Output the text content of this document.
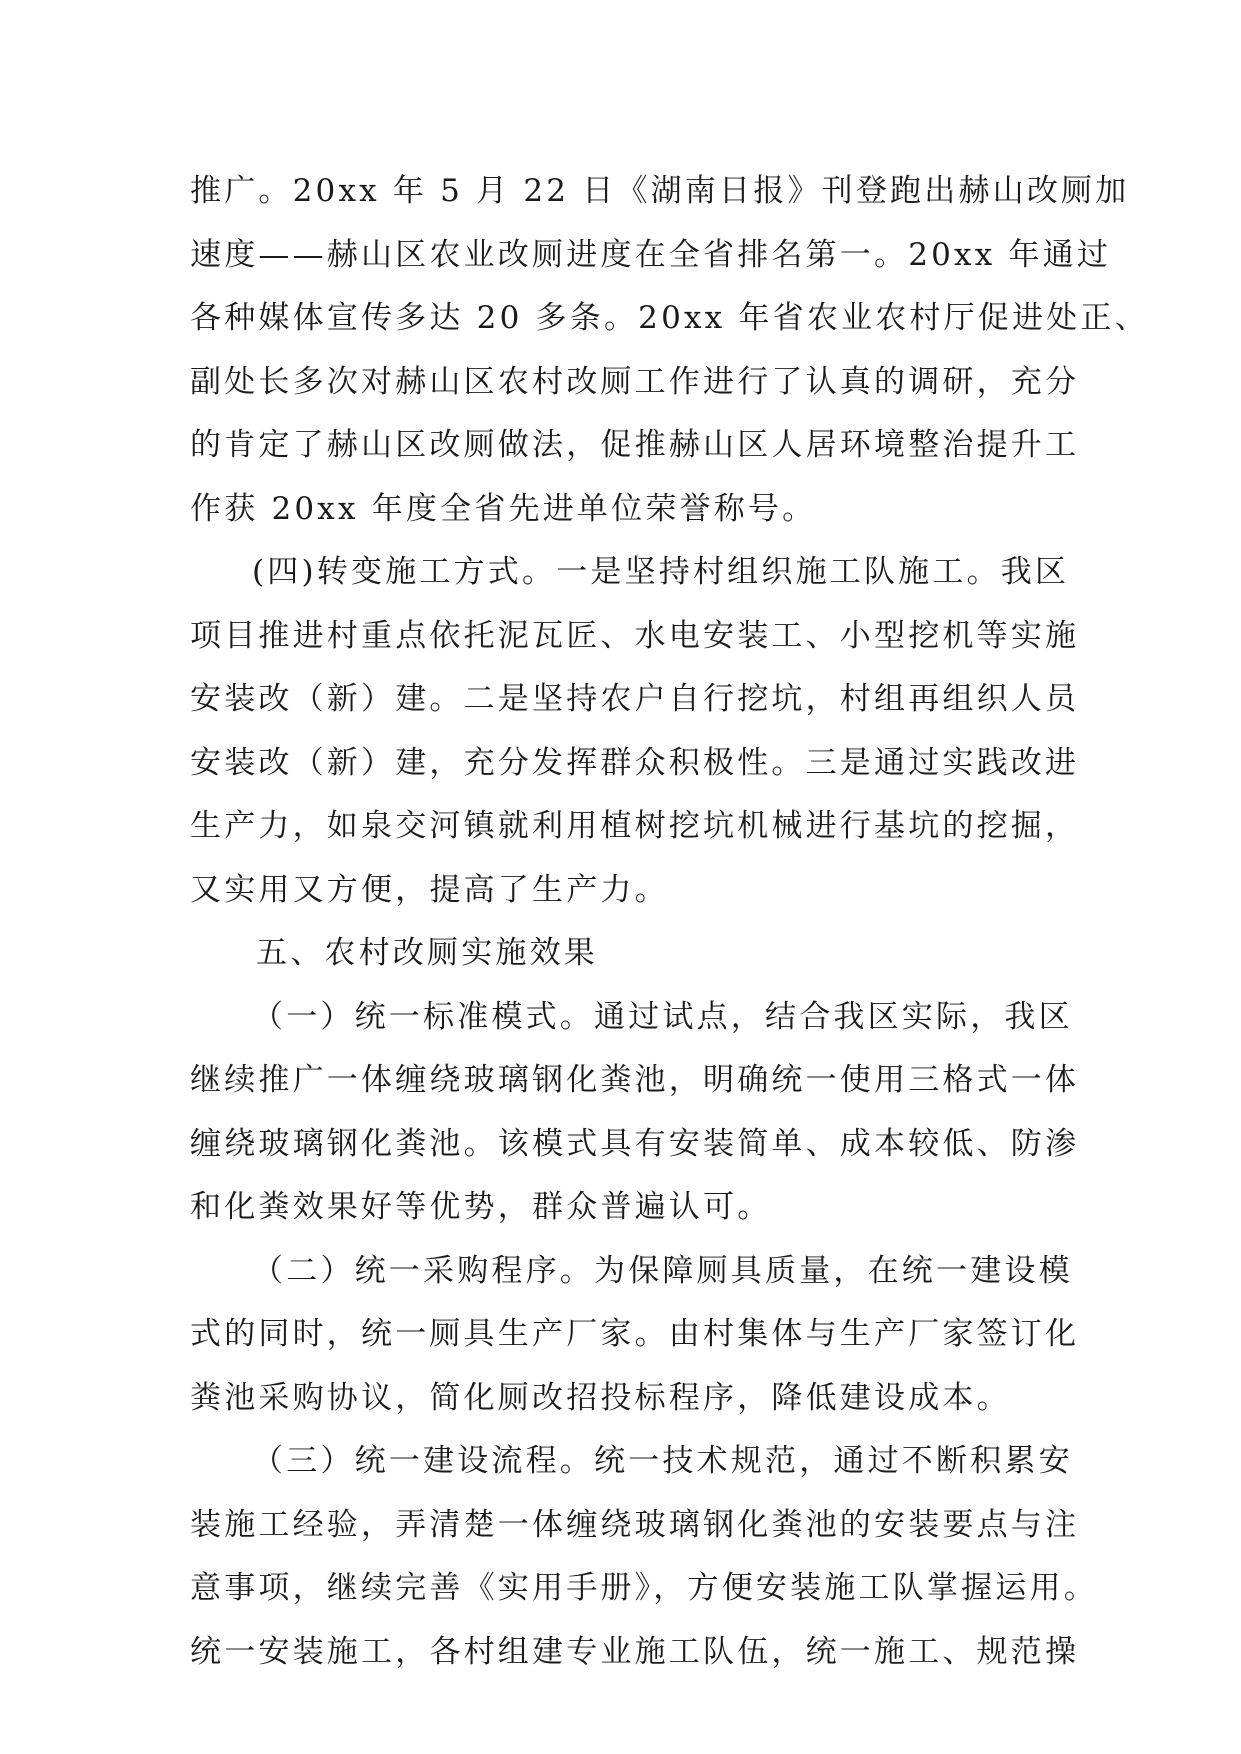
推广。20xx 年 5 月 22 日《湖南日报》刊登跑出赫山改厕加
速度——赫山区农业改厕进度在全省排名第一。20xx 年通过
各种媒体宣传多达 20 多条。20xx 年省农业农村厅促进处正、
副处长多次对赫山区农村改厕工作进行了认真的调研，充分
的肯定了赫山区改厕做法，促推赫山区人居环境整治提升工
作获 20xx 年度全省先进单位荣誉称号。
(四)转变施工方式。一是坚持村组织施工队施工。我区
项目推进村重点依托泥瓦匠、水电安装工、小型挖机等实施
安装改（新）建。二是坚持农户自行挖坑，村组再组织人员
安装改（新）建，充分发挥群众积极性。三是通过实践改进
生产力，如泉交河镇就利用植树挖坑机械进行基坑的挖掘，
又实用又方便，提高了生产力。
五、农村改厕实施效果
（一）统一标准模式。通过试点，结合我区实际，我区
继续推广一体缠绕玻璃钢化粪池，明确统一使用三格式一体
缠绕玻璃钢化粪池。该模式具有安装简单、成本较低、防渗
和化粪效果好等优势，群众普遍认可。
（二）统一采购程序。为保障厕具质量，在统一建设模
式的同时，统一厕具生产厂家。由村集体与生产厂家签订化
粪池采购协议，简化厕改招投标程序，降低建设成本。
（三）统一建设流程。统一技术规范，通过不断积累安
装施工经验，弄清楚一体缠绕玻璃钢化粪池的安装要点与注
意事项，继续完善《实用手册》，方便安装施工队掌握运用。
统一安装施工，各村组建专业施工队伍，统一施工、规范操
